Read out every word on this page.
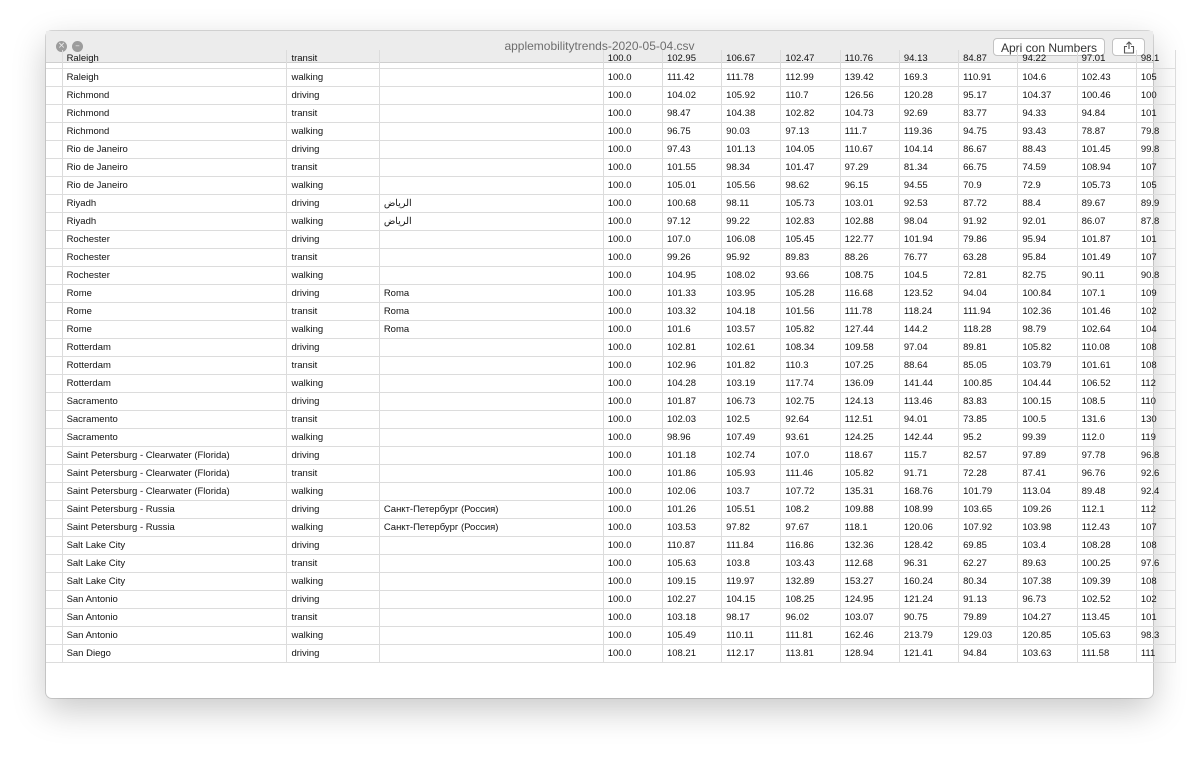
×	–	applemobilitytrends-2020-05-04.csv	Apri con Numbers
	Raleigh	transit		100.0	102.95	106.67	102.47	110.76	94.13	84.87	94.22	97.01	98.1
	Raleigh	walking		100.0	111.42	111.78	112.99	139.42	169.3	110.91	104.6	102.43	105
	Richmond	driving		100.0	104.02	105.92	110.7	126.56	120.28	95.17	104.37	100.46	100
	Richmond	transit		100.0	98.47	104.38	102.82	104.73	92.69	83.77	94.33	94.84	101
	Richmond	walking		100.0	96.75	90.03	97.13	111.7	119.36	94.75	93.43	78.87	79.8
	Rio de Janeiro	driving		100.0	97.43	101.13	104.05	110.67	104.14	86.67	88.43	101.45	99.8
	Rio de Janeiro	transit		100.0	101.55	98.34	101.47	97.29	81.34	66.75	74.59	108.94	107
	Rio de Janeiro	walking		100.0	105.01	105.56	98.62	96.15	94.55	70.9	72.9	105.73	105
	Riyadh	driving	الرياض	100.0	100.68	98.11	105.73	103.01	92.53	87.72	88.4	89.67	89.9
	Riyadh	walking	الرياض	100.0	97.12	99.22	102.83	102.88	98.04	91.92	92.01	86.07	87.8
	Rochester	driving		100.0	107.0	106.08	105.45	122.77	101.94	79.86	95.94	101.87	101
	Rochester	transit		100.0	99.26	95.92	89.83	88.26	76.77	63.28	95.84	101.49	107
	Rochester	walking		100.0	104.95	108.02	93.66	108.75	104.5	72.81	82.75	90.11	90.8
	Rome	driving	Roma	100.0	101.33	103.95	105.28	116.68	123.52	94.04	100.84	107.1	109
	Rome	transit	Roma	100.0	103.32	104.18	101.56	111.78	118.24	111.94	102.36	101.46	102
	Rome	walking	Roma	100.0	101.6	103.57	105.82	127.44	144.2	118.28	98.79	102.64	104
	Rotterdam	driving		100.0	102.81	102.61	108.34	109.58	97.04	89.81	105.82	110.08	108
	Rotterdam	transit		100.0	102.96	101.82	110.3	107.25	88.64	85.05	103.79	101.61	108
	Rotterdam	walking		100.0	104.28	103.19	117.74	136.09	141.44	100.85	104.44	106.52	112
	Sacramento	driving		100.0	101.87	106.73	102.75	124.13	113.46	83.83	100.15	108.5	110
	Sacramento	transit		100.0	102.03	102.5	92.64	112.51	94.01	73.85	100.5	131.6	130
	Sacramento	walking		100.0	98.96	107.49	93.61	124.25	142.44	95.2	99.39	112.0	119
	Saint Petersburg - Clearwater (Florida)	driving		100.0	101.18	102.74	107.0	118.67	115.7	82.57	97.89	97.78	96.8
	Saint Petersburg - Clearwater (Florida)	transit		100.0	101.86	105.93	111.46	105.82	91.71	72.28	87.41	96.76	92.6
	Saint Petersburg - Clearwater (Florida)	walking		100.0	102.06	103.7	107.72	135.31	168.76	101.79	113.04	89.48	92.4
	Saint Petersburg - Russia	driving	Санкт-Петербург (Россия)	100.0	101.26	105.51	108.2	109.88	108.99	103.65	109.26	112.1	112
	Saint Petersburg - Russia	walking	Санкт-Петербург (Россия)	100.0	103.53	97.82	97.67	118.1	120.06	107.92	103.98	112.43	107
	Salt Lake City	driving		100.0	110.87	111.84	116.86	132.36	128.42	69.85	103.4	108.28	108
	Salt Lake City	transit		100.0	105.63	103.8	103.43	112.68	96.31	62.27	89.63	100.25	97.6
	Salt Lake City	walking		100.0	109.15	119.97	132.89	153.27	160.24	80.34	107.38	109.39	108
	San Antonio	driving		100.0	102.27	104.15	108.25	124.95	121.24	91.13	96.73	102.52	102
	San Antonio	transit		100.0	103.18	98.17	96.02	103.07	90.75	79.89	104.27	113.45	101
	San Antonio	walking		100.0	105.49	110.11	111.81	162.46	213.79	129.03	120.85	105.63	98.3
	San Diego	driving		100.0	108.21	112.17	113.81	128.94	121.41	94.84	103.63	111.58	111
